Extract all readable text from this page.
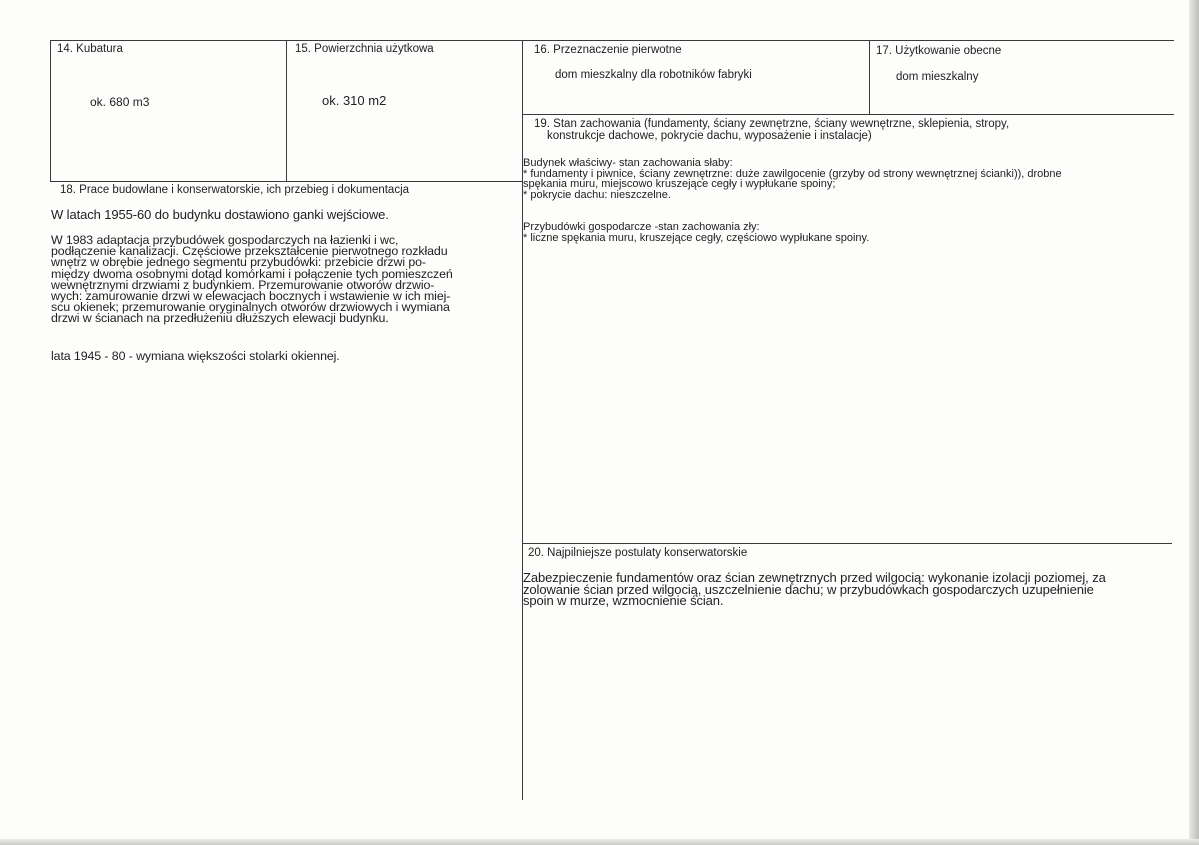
14. Kubatura
ok. 680 m3
15. Powierzchnia użytkowa
ok. 310 m2
16. Przeznaczenie pierwotne
dom mieszkalny dla robotników fabryki
17. Użytkowanie obecne
dom mieszkalny
19. Stan zachowania (fundamenty, ściany zewnętrzne, ściany wewnętrzne, sklepienia, stropy,
konstrukcje dachowe, pokrycie dachu, wyposażenie i instalacje)
Budynek właściwy- stan zachowania słaby:
* fundamenty i piwnice, ściany zewnętrzne: duże zawilgocenie (grzyby od strony wewnętrznej ścianki)), drobne
spękania muru, miejscowo kruszejące cegły i wypłukane spoiny;
* pokrycie dachu: nieszczelne.
Przybudówki gospodarcze -stan zachowania zły:
* liczne spękania muru, kruszejące cegły, częściowo wypłukane spoiny.
18. Prace budowlane i konserwatorskie, ich przebieg i dokumentacja
W latach 1955-60 do budynku dostawiono ganki wejściowe.
W 1983 adaptacja przybudówek gospodarczych na łazienki i wc,
podłączenie kanalizacji. Częściowe przekształcenie pierwotnego rozkładu
wnętrz w obrębie jednego segmentu przybudówki: przebicie drzwi po-
między dwoma osobnymi dotąd komórkami i połączenie tych pomieszczeń
wewnętrznymi drzwiami z budynkiem. Przemurowanie otworów drzwio-
wych: zamurowanie drzwi w elewacjach bocznych i wstawienie w ich miej-
scu okienek; przemurowanie oryginalnych otworów drzwiowych i wymiana
drzwi w ścianach na przedłużeniu dłuższych elewacji budynku.
lata 1945 - 80 - wymiana większości stolarki okiennej.
20. Najpilniejsze postulaty konserwatorskie
Zabezpieczenie fundamentów oraz ścian zewnętrznych przed wilgocią: wykonanie izolacji poziomej, za
zolowanie ścian przed wilgocią, uszczelnienie dachu; w przybudówkach gospodarczych uzupełnienie
spoin w murze, wzmocnienie ścian.
